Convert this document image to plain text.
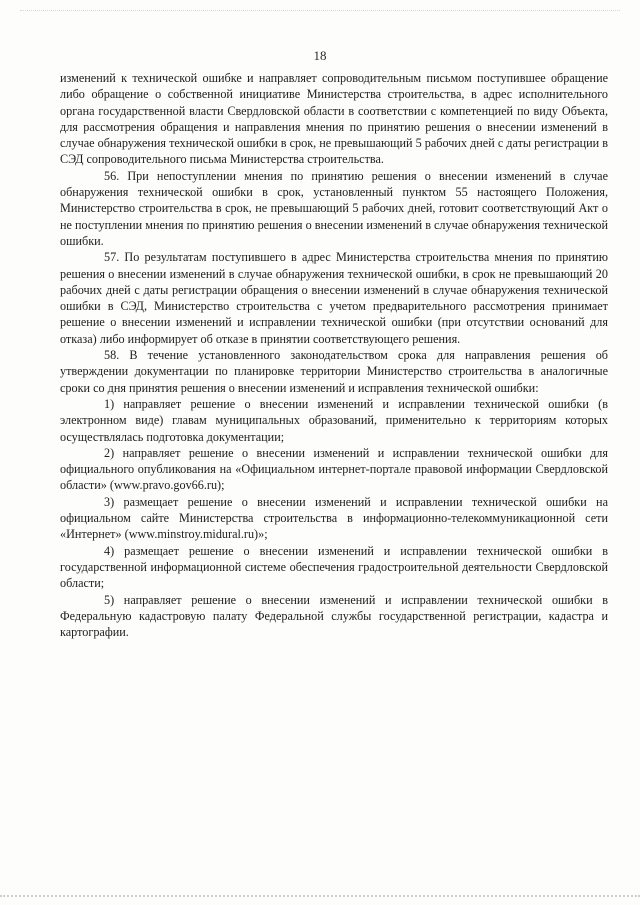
18

изменений к технической ошибке и направляет сопроводительным письмом поступившее обращение либо обращение о собственной инициативе Министерства строительства, в адрес исполнительного органа государственной власти Свердловской области в соответствии с компетенцией по виду Объекта, для рассмотрения обращения и направления мнения по принятию решения о внесении изменений в случае обнаружения технической ошибки в срок, не превышающий 5 рабочих дней с даты регистрации в СЭД сопроводительного письма Министерства строительства.

56. При непоступлении мнения по принятию решения о внесении изменений в случае обнаружения технической ошибки в срок, установленный пунктом 55 настоящего Положения, Министерство строительства в срок, не превышающий 5 рабочих дней, готовит соответствующий Акт о не поступлении мнения по принятию решения о внесении изменений в случае обнаружения технической ошибки.

57. По результатам поступившего в адрес Министерства строительства мнения по принятию решения о внесении изменений в случае обнаружения технической ошибки, в срок не превышающий 20 рабочих дней с даты регистрации обращения о внесении изменений в случае обнаружения технической ошибки в СЭД, Министерство строительства с учетом предварительного рассмотрения принимает решение о внесении изменений и исправлении технической ошибки (при отсутствии оснований для отказа) либо информирует об отказе в принятии соответствующего решения.

58. В течение установленного законодательством срока для направления решения об утверждении документации по планировке территории Министерство строительства в аналогичные сроки со дня принятия решения о внесении изменений и исправления технической ошибки:

1) направляет решение о внесении изменений и исправлении технической ошибки (в электронном виде) главам муниципальных образований, применительно к территориям которых осуществлялась подготовка документации;

2) направляет решение о внесении изменений и исправлении технической ошибки для официального опубликования на «Официальном интернет-портале правовой информации Свердловской области» (www.pravo.gov66.ru);

3) размещает решение о внесении изменений и исправлении технической ошибки на официальном сайте Министерства строительства в информационно-телекоммуникационной сети «Интернет» (www.minstroy.midural.ru)»;

4) размещает решение о внесении изменений и исправлении технической ошибки в государственной информационной системе обеспечения градостроительной деятельности Свердловской области;

5) направляет решение о внесении изменений и исправлении технической ошибки в Федеральную кадастровую палату Федеральной службы государственной регистрации, кадастра и картографии.
